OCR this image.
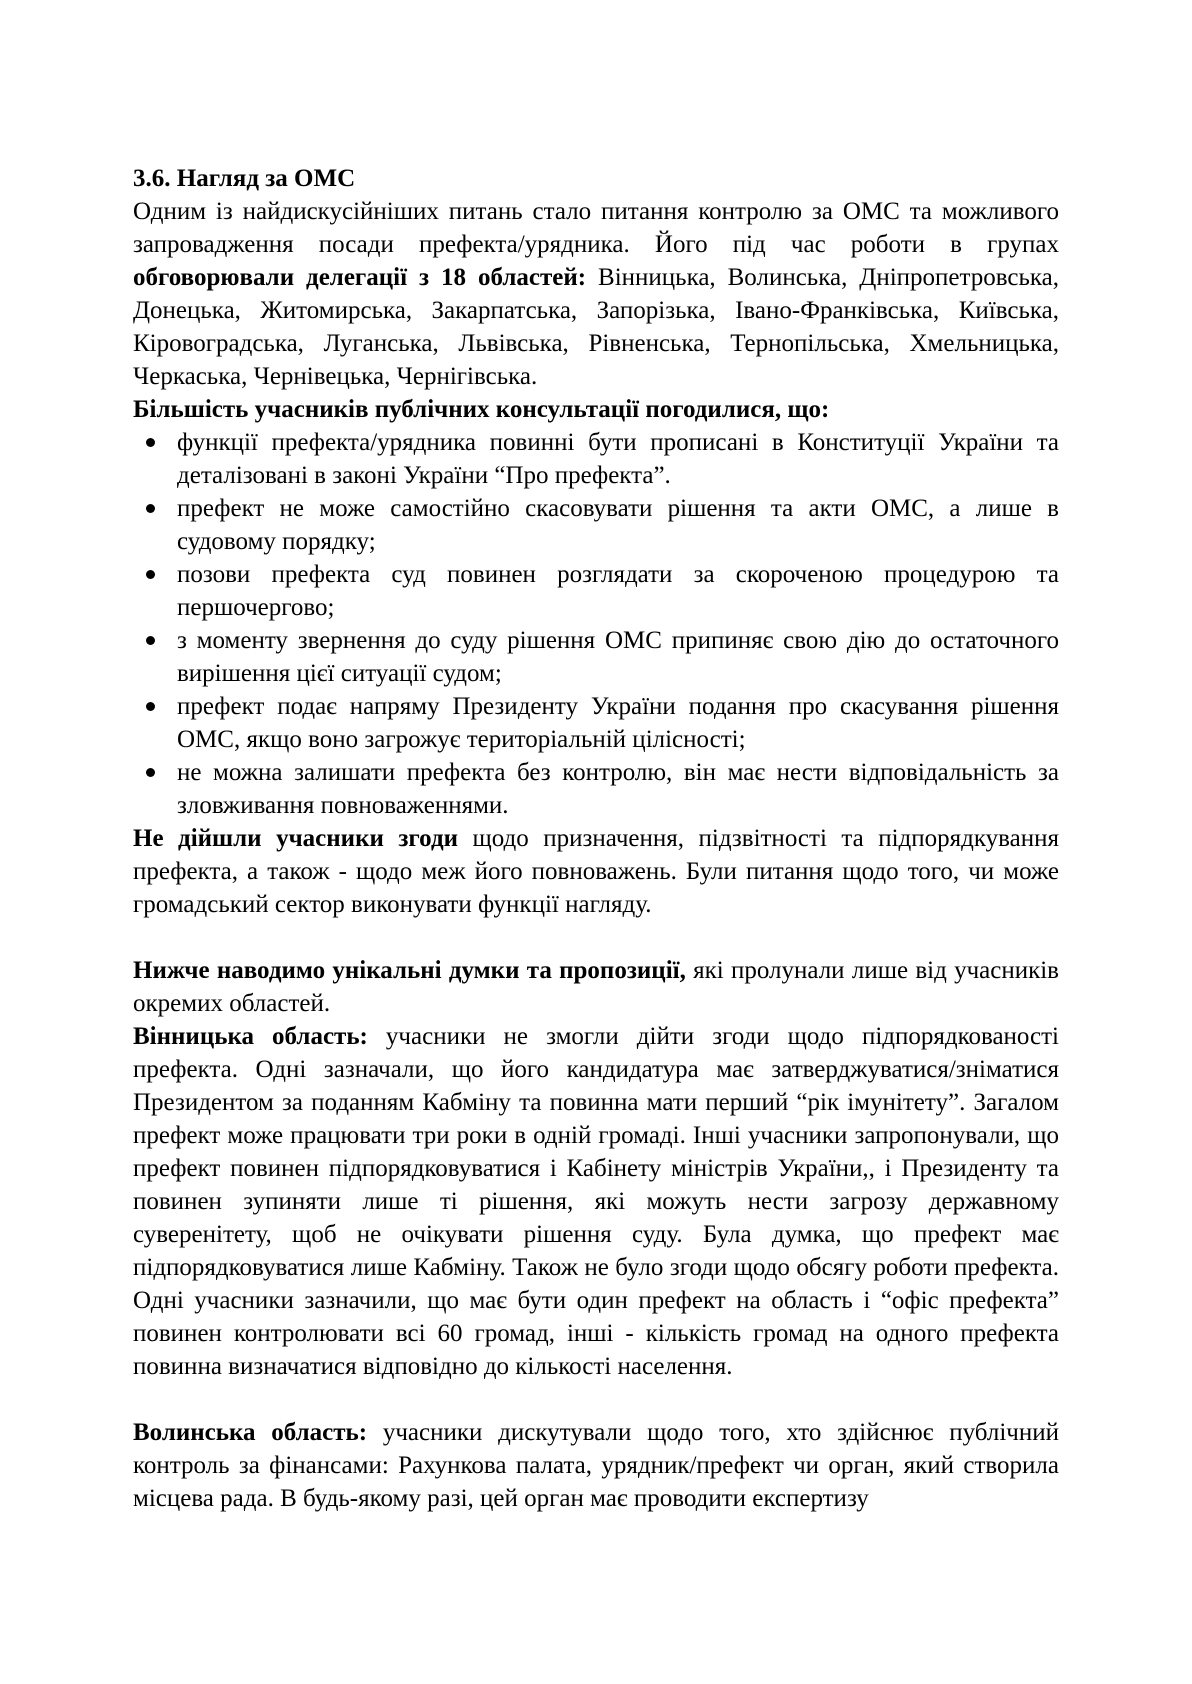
3.6. Нагляд за ОМС

Одним із найдискусійніших питань стало питання контролю за ОМС та можливого запровадження посади префекта/урядника. Його під час роботи в групах обговорювали делегації з 18 областей: Вінницька, Волинська, Дніпропетровська, Донецька, Житомирська, Закарпатська, Запорізька, Івано-Франківська, Київська, Кіровоградська, Луганська, Львівська, Рівненська, Тернопільська, Хмельницька, Черкаська, Чернівецька, Чернігівська.

Більшість учасників публічних консультації погодилися, що:

функції префекта/урядника повинні бути прописані в Конституції України та деталізовані в законі України “Про префекта”.
префект не може самостійно скасовувати рішення та акти ОМС, а лише в судовому порядку;
позови префекта суд повинен розглядати за скороченою процедурою та першочергово;
з моменту звернення до суду рішення ОМС припиняє свою дію до остаточного вирішення цієї ситуації судом;
префект подає напряму Президенту України подання про скасування рішення ОМС, якщо воно загрожує територіальній цілісності;
не можна залишати префекта без контролю, він має нести відповідальність за зловживання повноваженнями.

Не дійшли учасники згоди щодо призначення, підзвітності та підпорядкування префекта, а також - щодо меж його повноважень. Були питання щодо того, чи може громадський сектор виконувати функції нагляду.

Нижче наводимо унікальні думки та пропозиції, які пролунали лише від учасників окремих областей.

Вінницька область: учасники не змогли дійти згоди щодо підпорядкованості префекта. Одні зазначали, що його кандидатура має затверджуватися/зніматися Президентом за поданням Кабміну та повинна мати перший “рік імунітету”. Загалом префект може працювати три роки в одній громаді. Інші учасники запропонували, що префект повинен підпорядковуватися і Кабінету міністрів України,, і Президенту та повинен зупиняти лише ті рішення, які можуть нести загрозу державному суверенітету, щоб не очікувати рішення суду. Була думка, що префект має підпорядковуватися лише Кабміну. Також не було згоди щодо обсягу роботи префекта. Одні учасники зазначили, що має бути один префект на область і “офіс префекта” повинен контролювати всі 60 громад, інші - кількість громад на одного префекта повинна визначатися відповідно до кількості населення.

Волинська область: учасники дискутували щодо того, хто здійснює публічний контроль за фінансами: Рахункова палата, урядник/префект чи орган, який створила місцева рада. В будь-якому разі, цей орган має проводити експертизу
